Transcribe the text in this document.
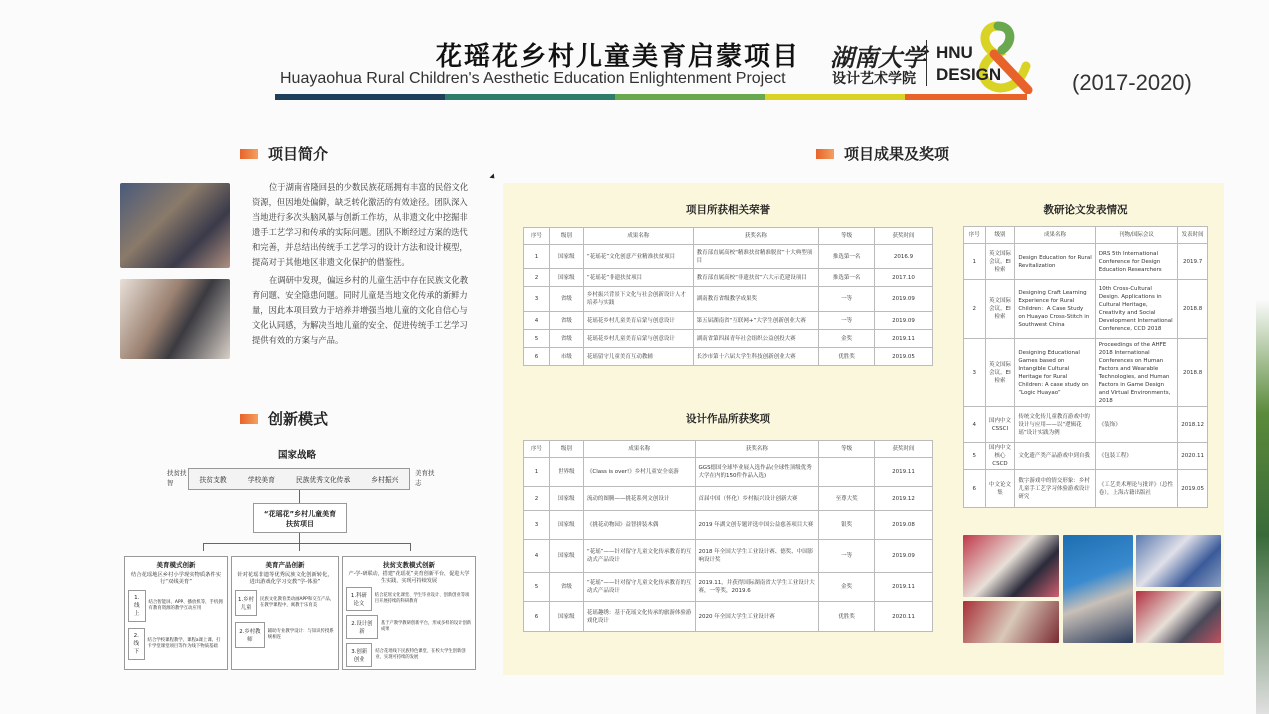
花瑶花乡村儿童美育启蒙项目
Huayaohua Rural Children's Aesthetic Education Enlightenment Project
湖南大学
设计艺术学院
HNU
DESIGN	(2017-2020)
项目简介

位于湖南省隆回县的少数民族花瑶拥有丰富的民俗文化资源，但因地处偏僻，缺乏转化激活的有效途径。团队深入当地进行多次头脑风暴与创新工作坊，从非遗文化中挖掘非遗手工艺学习和传承的实际问题。团队不断经过方案的迭代和完善，并总结出传统手工艺学习的设计方法和设计模型，提高对于其他地区非遗文化保护的借鉴性。

在调研中发现，偏远乡村的儿童生活中存在民族文化教育问题、安全隐患问题。同时儿童是当地文化传承的新鲜力量，因此本项目致力于培养并增强当地儿童的文化自信心与文化认同感，为解决当地儿童的安全、促进传统手工艺学习提供有效的方案与产品。

创新模式
国家战略
扶贫扶智
美育扶志
扶贫支教	学校美育	民族优秀文化传承	乡村振兴
“花瑶花”乡村儿童美育扶贫项目
美育模式创新
结合花瑶地区乡村小学现实物质条件实行“双线美育”
1.线上
结合智能屏、APP、播放机等，手机拥有教育资源的教学互动应用
2.线下
结合学校课程教学、课程a课上课、打卡学堂课堂项目等作为线下物质基础
美育产品创新
针对花瑶非遗等优秀民族文化创新转化，进出游戏化学习交教“学-体验”
1.乡村儿童
民族文化教育类动画APP和交互产品，在教学课程中，寓教于乐育美
2.乡村教师
辅助专业教学设计：与知识传授系统相连
扶贫支教模式创新
产-学-研联动，搭建“花瑶花”美育创新平台，促进大学生实践，实现可持续发展
1.科研论文
结合花瑶文化课堂、学生毕业设计、创新创业等项目开展持续的科研教育
2.设计创新
基于产教学教研创新平台，形成多样的设计创新成果
3.创新创业
结合花瑶线下民族特色课堂、在校大学生创新创业、实现可持续的发展
项目成果及奖项
项目所获相关荣誉
序号	级别	成果名称	获奖名称	等级	获奖时间
1	国家级	“花瑶花”文化创意产业精准扶贫项目	教育部直属高校“精准扶贫精准脱贫”十大典型项目	推选第一名	2016.9
2	国家级	“花瑶花”非遗扶贫项目	教育部直属高校“非遗扶贫”六大示范建设项目	推选第一名	2017.10
3	省级	乡村振兴背景下文化与社会创新设计人才培养与实践	湖南教育省级教学成果奖	一等	2019.09
4	省级	花瑶花乡村儿童美育启蒙与创意设计	第五届湖南省“互联网+”大学生创新创业大赛	一等	2019.09
5	省级	花瑶花乡村儿童美育启蒙与创意设计	湖南省第四届青年社会组织公益创投大赛	金奖	2019.11
6	市级	花瑶留守儿童美育互动教辅	长沙市第十六届大学生科技创新创业大赛	优胜奖	2019.05
设计作品所获奖项
序号	级别	成果名称	获奖名称	等级	获奖时间
1	世界级	《Class is over!》乡村儿童安全桌游	GGS德国全球毕业展入选作品(全球性顶级优秀大学在内的150件作品入选)		2019.11
2	国家级	流动的图腾——挑花系列文创设计	首届中国（怀化）乡村振兴设计创新大赛	至尊大奖	2019.12
3	国家级	《挑花动物园》益智拼装木偶	2019 年湖文创专题评选中国公益慈善项目大赛	银奖	2019.08
4	国家级	“花瑶”——针对留守儿童文化传承教育的互动式产品设计	2018 年全国大学生工业设计赛、德奖、中国影响设计奖	一等	2019.09
5	省级	“花瑶”——针对留守儿童文化传承教育的互动式产品设计	2019.11，并获得国际湖南省大学生工业设计大赛，一等奖，2019.6	金奖	2019.11
6	国家级	花瑶趣绣：基于花瑶文化传承的旅游体验游戏化设计	2020 年全国大学生工业设计赛	优胜奖	2020.11
教研论文发表情况
序号	级别	成果名称	刊物/国际会议	发表时间
1	英文国际会议，EI检索	Design Education for Rural Revitalization	DRS 5th International Conference for Design Education Researchers	2019.7
2	英文国际会议，EI检索	Designing Craft Learning Experience for Rural Children：A Case Study on Huayao Cross-Stitch in Southwest China	10th Cross-Cultural Design. Applications in Cultural Heritage, Creativity and Social Development International Conference, CCD 2018	2018.8
3	英文国际会议，EI检索	Designing Educational Games based on Intangible Cultural Heritage for Rural Children: A case study on “Logic Huayao”	Proceedings of the AHFE 2018 International Conferences on Human Factors and Wearable Technologies, and Human Factors in Game Design and Virtual Environments, 2018	2018.8
4	国内中文CSSCI	传统文化传儿童教育游戏中的设计与应用——以“逻辑花瑶”设计实践为例	《装饰》	2018.12
5	国内中文核心CSCD	文化遗产类产品游戏中到自我	《包装工程》	2020.11
6	中文论文集	数字游戏中的情交形象：乡村儿童手工艺学习体验游戏设计研究	《工艺美术理论与批评》（总性卷），上海古籍出版社	2019.05
